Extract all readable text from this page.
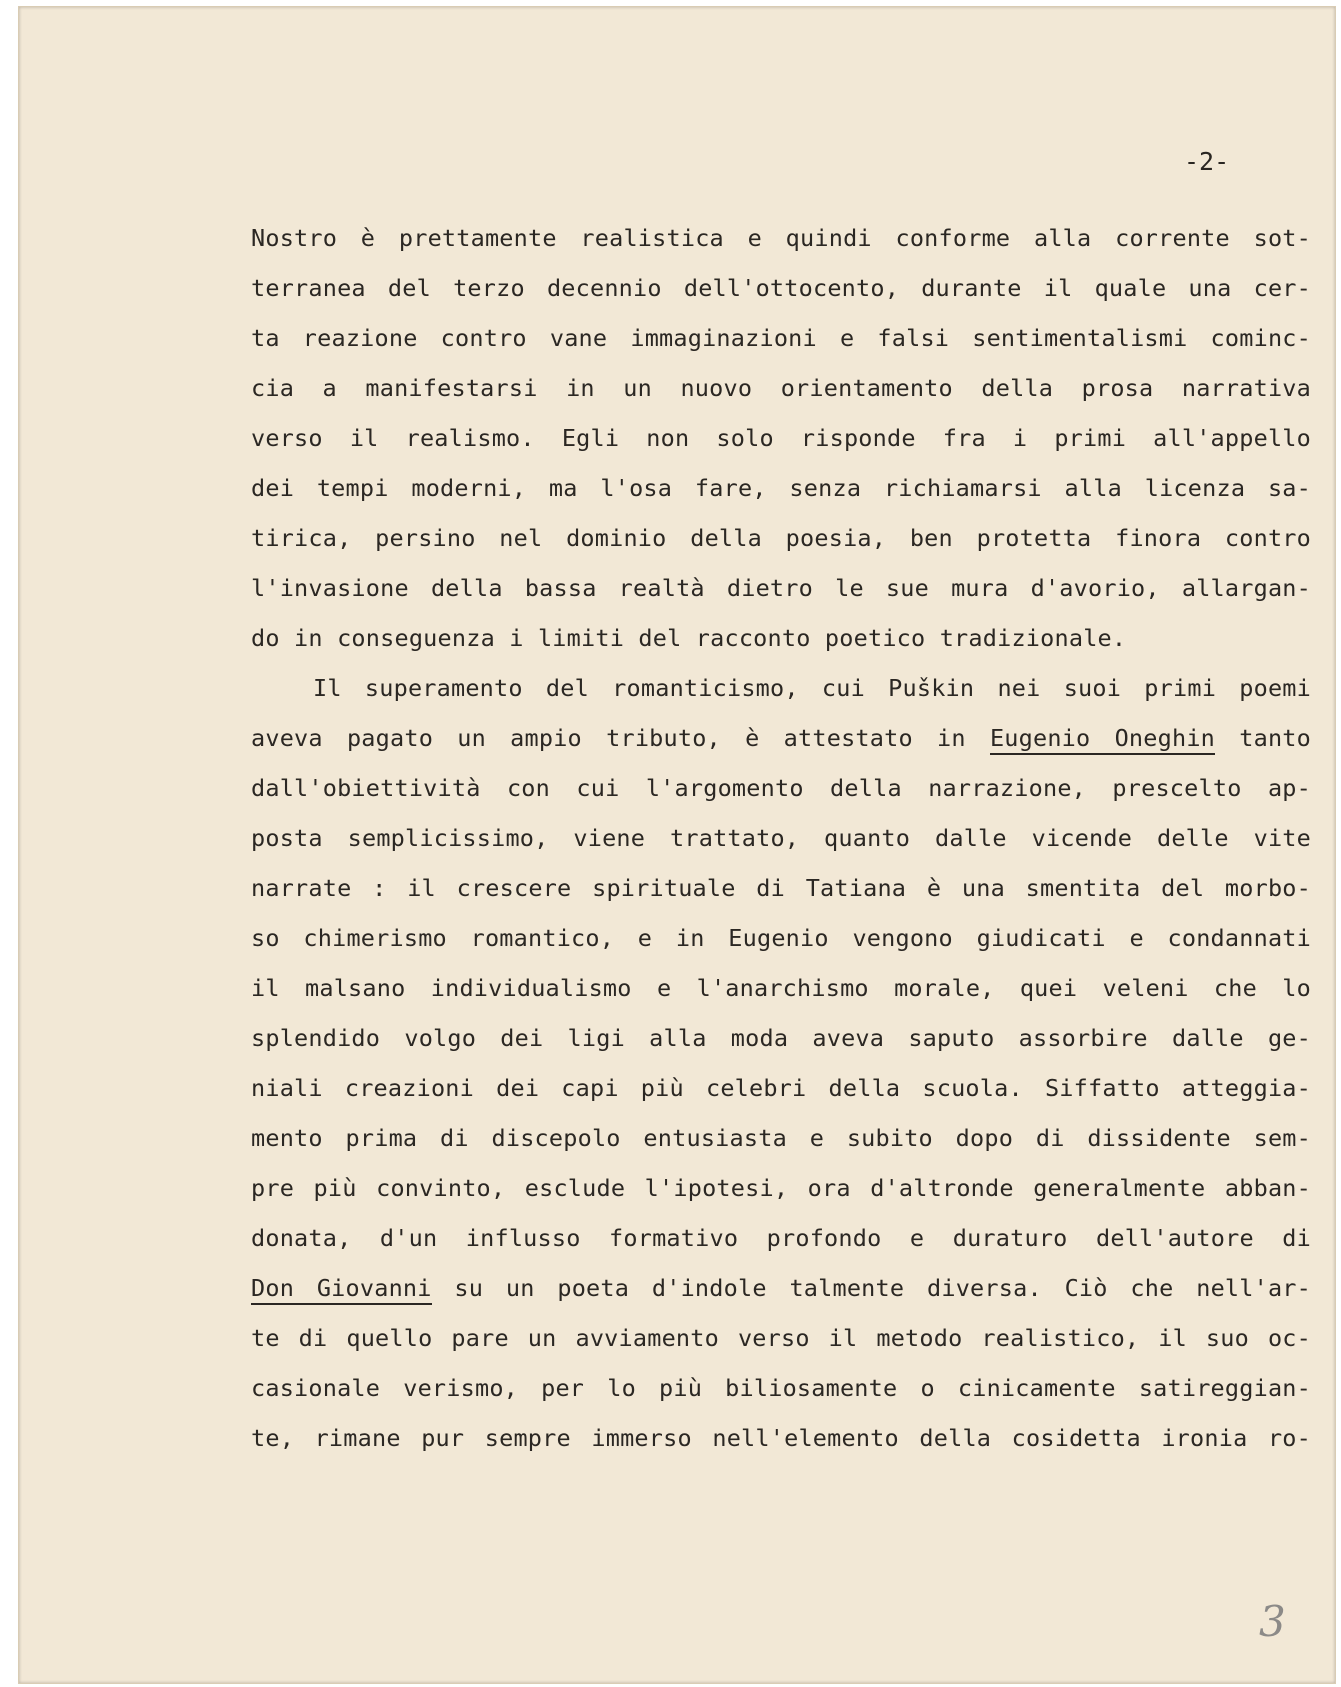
-2-
Nostro è prettamente realistica e quindi conforme alla corrente sot-
terranea del terzo decennio dell'ottocento, durante il quale una cer-
ta reazione contro vane immaginazioni e falsi sentimentalismi cominc-
cia a manifestarsi in un nuovo orientamento della prosa narrativa
verso il realismo. Egli non solo risponde fra i primi all'appello
dei tempi moderni, ma l'osa fare, senza richiamarsi alla licenza sa-
tirica, persino nel dominio della poesia, ben protetta finora contro
l'invasione della bassa realtà dietro le sue mura d'avorio, allargan-
do in conseguenza i limiti del racconto poetico tradizionale.
Il superamento del romanticismo, cui Puškin nei suoi primi poemi
aveva pagato un ampio tributo, è attestato in Eugenio Oneghin tanto
dall'obiettività con cui l'argomento della narrazione, prescelto ap-
posta semplicissimo, viene trattato, quanto dalle vicende delle vite
narrate : il crescere spirituale di Tatiana è una smentita del morbo-
so chimerismo romantico, e in Eugenio vengono giudicati e condannati
il malsano individualismo e l'anarchismo morale, quei veleni che lo
splendido volgo dei ligi alla moda aveva saputo assorbire dalle ge-
niali creazioni dei capi più celebri della scuola. Siffatto atteggia-
mento prima di discepolo entusiasta e subito dopo di dissidente sem-
pre più convinto, esclude l'ipotesi, ora d'altronde generalmente abban-
donata, d'un influsso formativo profondo e duraturo dell'autore di
Don Giovanni su un poeta d'indole talmente diversa. Ciò che nell'ar-
te di quello pare un avviamento verso il metodo realistico, il suo oc-
casionale verismo, per lo più biliosamente o cinicamente satireggian-
te, rimane pur sempre immerso nell'elemento della cosidetta ironia ro-
3
